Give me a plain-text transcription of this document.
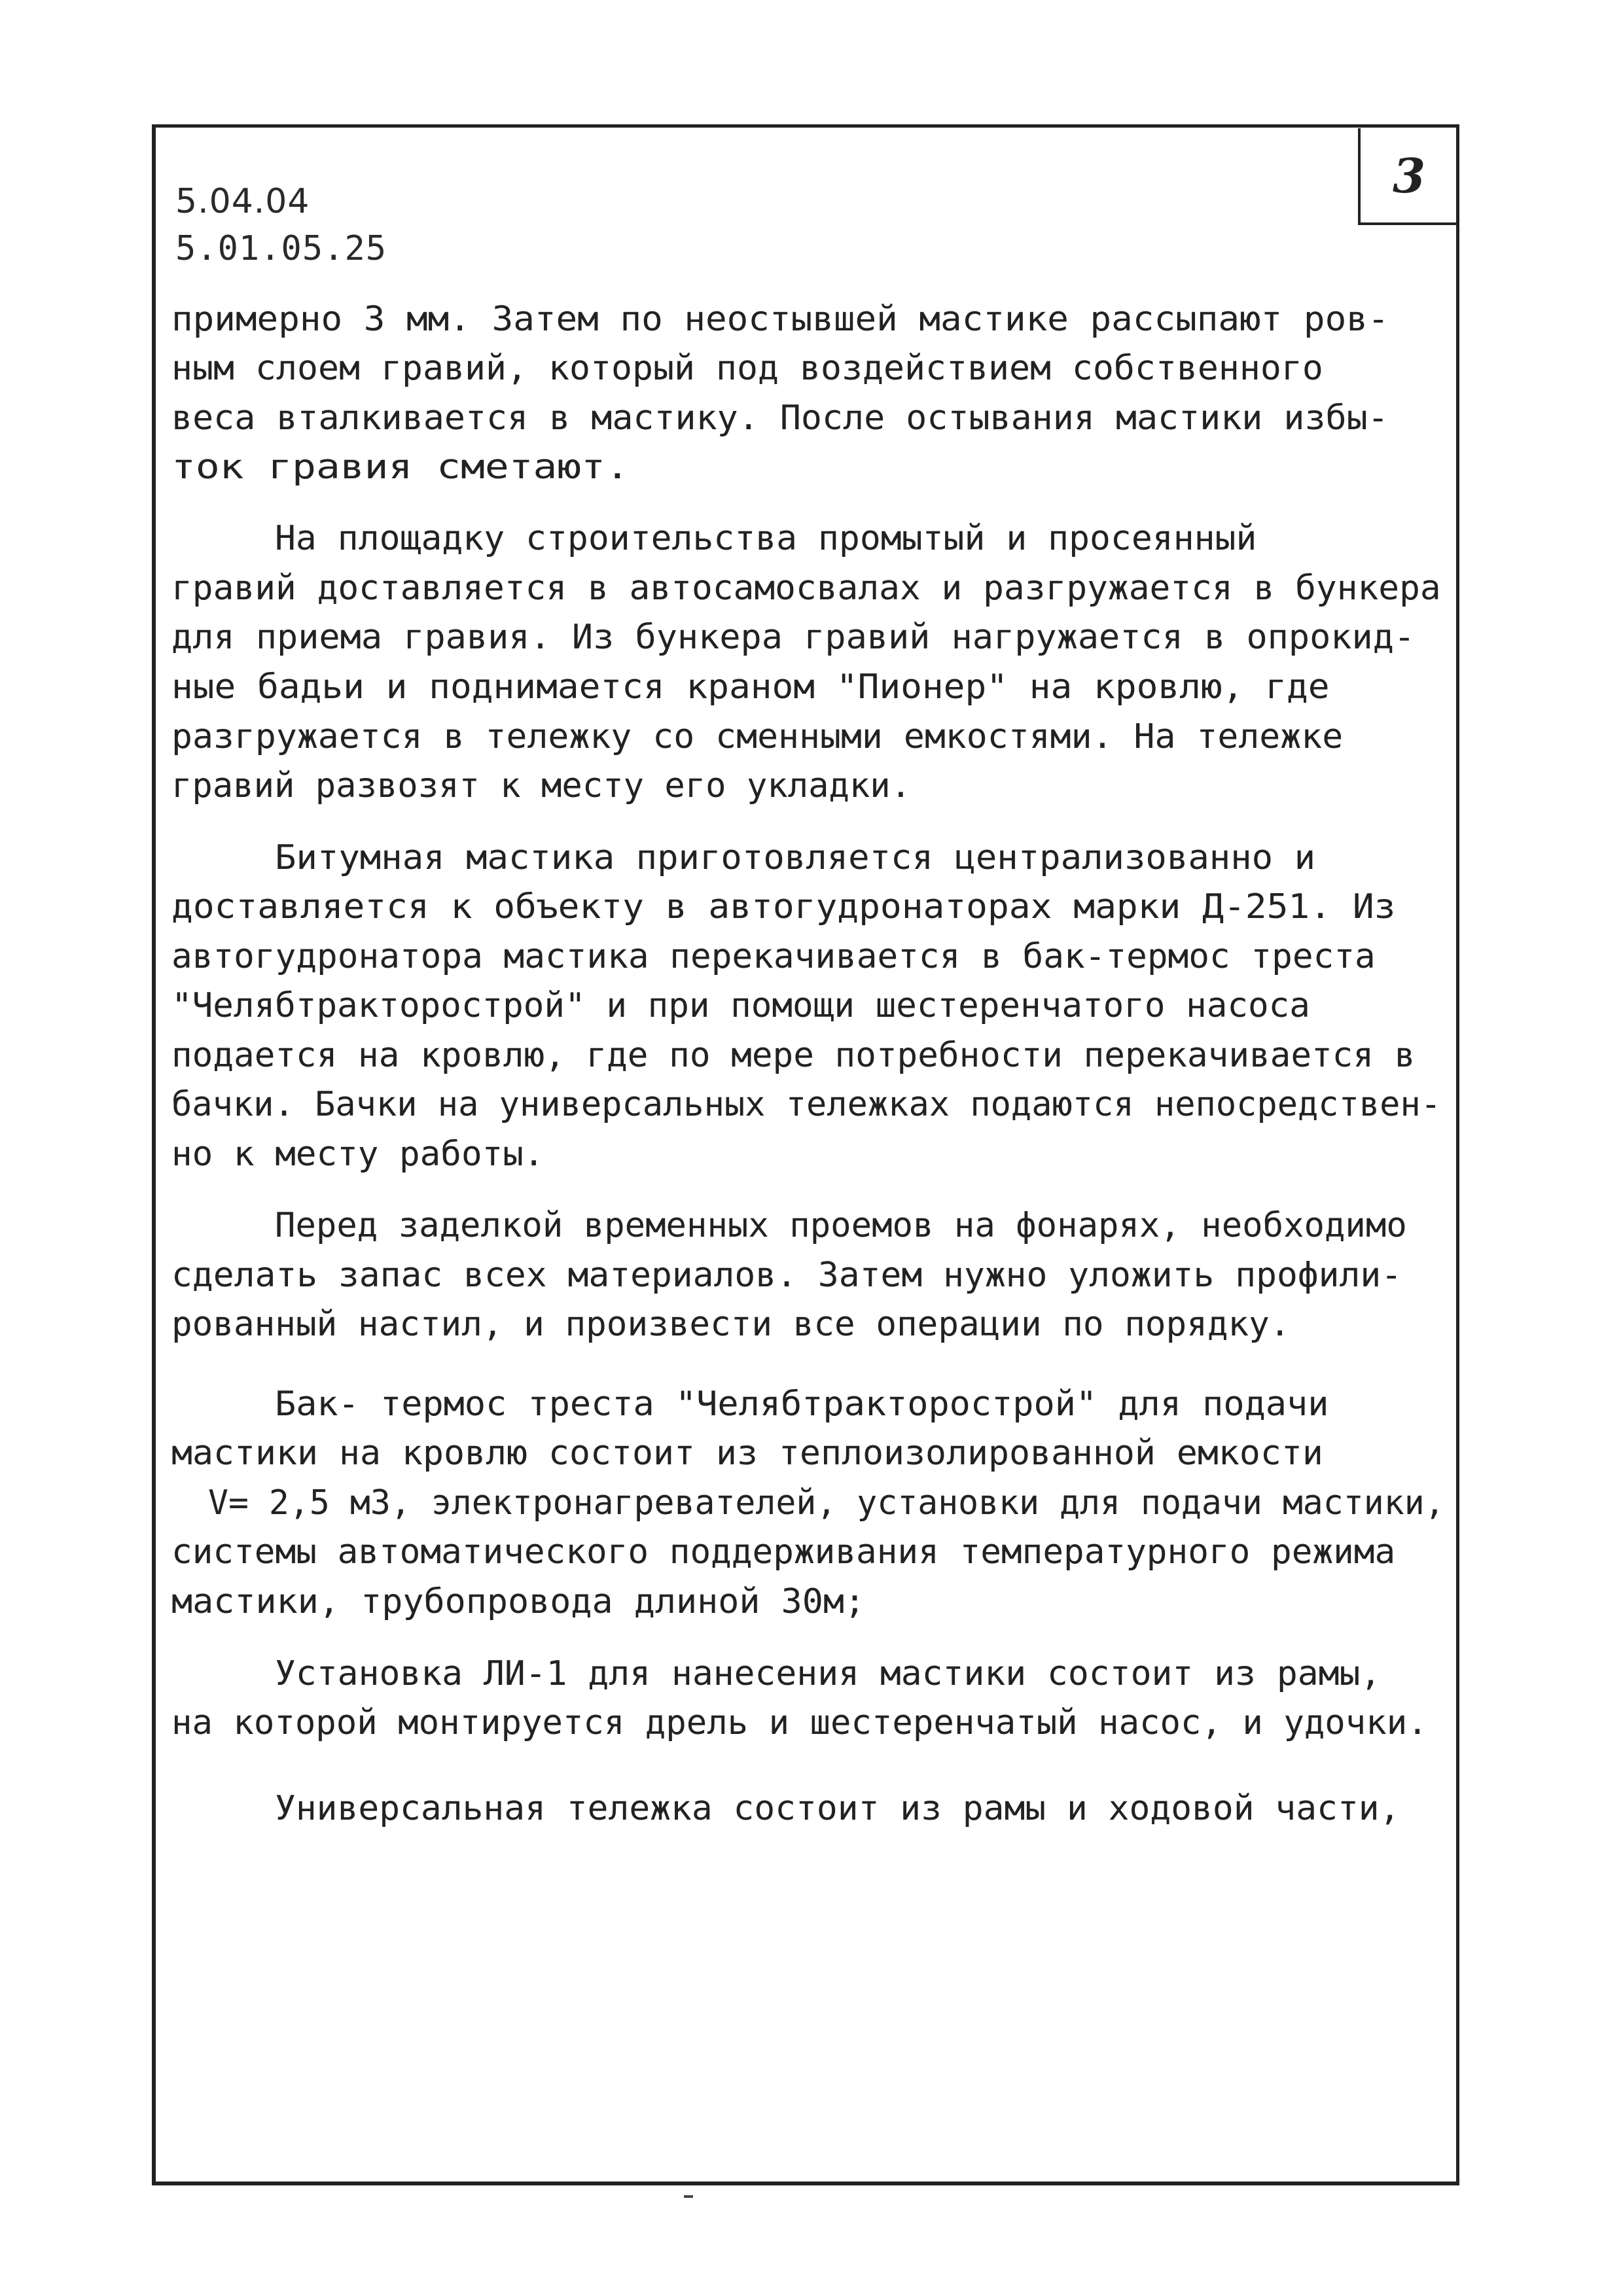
3
5.04.04
5.01.05.25
примерно 3 мм. Затем по неостывшей мастике рассыпают ров-
ным слоем гравий, который под воздействием собственного
веса вталкивается в мастику. После остывания мастики избы-
ток гравия сметают.
На площадку строительства промытый и просеянный
гравий доставляется в автосамосвалах и разгружается в бункера
для приема гравия. Из бункера гравий нагружается в опрокид-
ные бадьи и поднимается краном "Пионер" на кровлю, где
разгружается в тележку со сменными емкостями. На тележке
гравий развозят к месту его укладки.
Битумная мастика приготовляется централизованно и
доставляется к объекту в автогудронаторах марки Д-251. Из
автогудронатора мастика перекачивается в бак-термос треста
"Челябтракторострой" и при помощи шестеренчатого насоса
подается на кровлю, где по мере потребности перекачивается в
бачки. Бачки на универсальных тележках подаются непосредствен-
но к месту работы.
Перед заделкой временных проемов на фонарях, необходимо
сделать запас всех материалов. Затем нужно уложить профили-
рованный настил, и произвести все операции по порядку.
Бак- термос треста "Челябтракторострой" для подачи
мастики на кровлю состоит из теплоизолированной емкости
V= 2,5 м3, электронагревателей, установки для подачи мастики,
системы автоматического поддерживания температурного режима
мастики, трубопровода длиной 30м;
Установка ЛИ-1 для нанесения мастики состоит из рамы,
на которой монтируется дрель и шестеренчатый насос, и удочки.
Универсальная тележка состоит из рамы и ходовой части,
